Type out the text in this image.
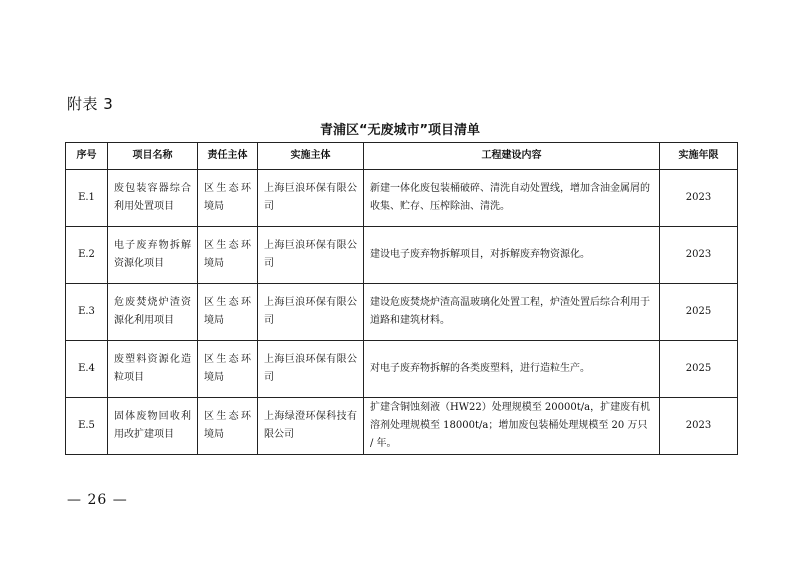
附表 3
青浦区“无废城市”项目清单
序号	项目名称	责任主体	实施主体	工程建设内容	实施年限
E.1	废包装容器综合利用处置项目	区生态环境局	上海巨浪环保有限公司	新建一体化废包装桶破碎、清洗自动处置线，增加含油金属屑的收集、贮存、压榨除油、清洗。	2023
E.2	电子废弃物拆解资源化项目	区生态环境局	上海巨浪环保有限公司	建设电子废弃物拆解项目，对拆解废弃物资源化。	2023
E.3	危废焚烧炉渣资源化利用项目	区生态环境局	上海巨浪环保有限公司	建设危废焚烧炉渣高温玻璃化处置工程，炉渣处置后综合利用于道路和建筑材料。	2025
E.4	废塑料资源化造粒项目	区生态环境局	上海巨浪环保有限公司	对电子废弃物拆解的各类废塑料，进行造粒生产。	2025
E.5	固体废物回收利用改扩建项目	区生态环境局	上海绿澄环保科技有限公司	扩建含铜蚀刻液（HW22）处理规模至 20000t/a，扩建废有机溶剂处理规模至 18000t/a；增加废包装桶处理规模至 20 万只 / 年。	2023
— 26 —
